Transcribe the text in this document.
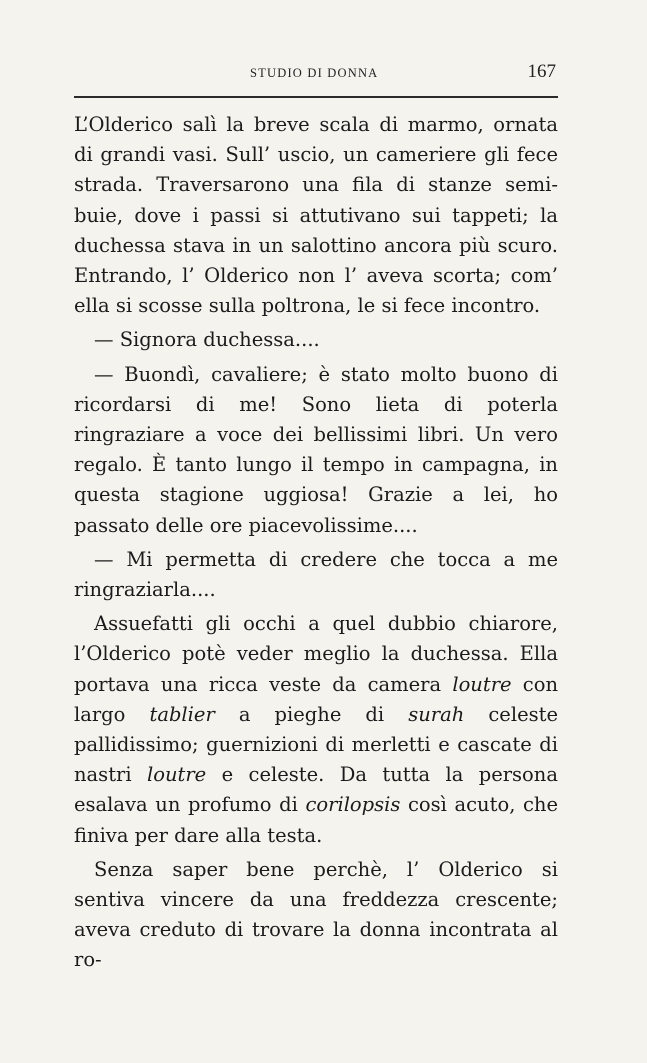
STUDIO DI DONNA	167

L’Olderico salì la breve scala di marmo, ornata di grandi vasi. Sull’ uscio, un cameriere gli fece strada. Traversarono una fila di stanze semi-buie, dove i passi si attutivano sui tappeti; la duchessa stava in un salottino ancora più scuro. Entrando, l’ Olderico non l’ aveva scorta; com’ ella si scosse sulla poltrona, le si fece incontro.

— Signora duchessa....

— Buondì, cavaliere; è stato molto buono di ricordarsi di me! Sono lieta di poterla ringraziare a voce dei bellissimi libri. Un vero regalo. È tanto lungo il tempo in campagna, in questa stagione uggiosa! Grazie a lei, ho passato delle ore piacevolissime....

— Mi permetta di credere che tocca a me ringraziarla....

Assuefatti gli occhi a quel dubbio chiarore, l’Olderico potè veder meglio la duchessa. Ella portava una ricca veste da camera loutre con largo tablier a pieghe di surah celeste pallidissimo; guernizioni di merletti e cascate di nastri loutre e celeste. Da tutta la persona esalava un profumo di corilopsis così acuto, che finiva per dare alla testa.

Senza saper bene perchè, l’ Olderico si sentiva vincere da una freddezza crescente; aveva creduto di trovare la donna incontrata al ro-
